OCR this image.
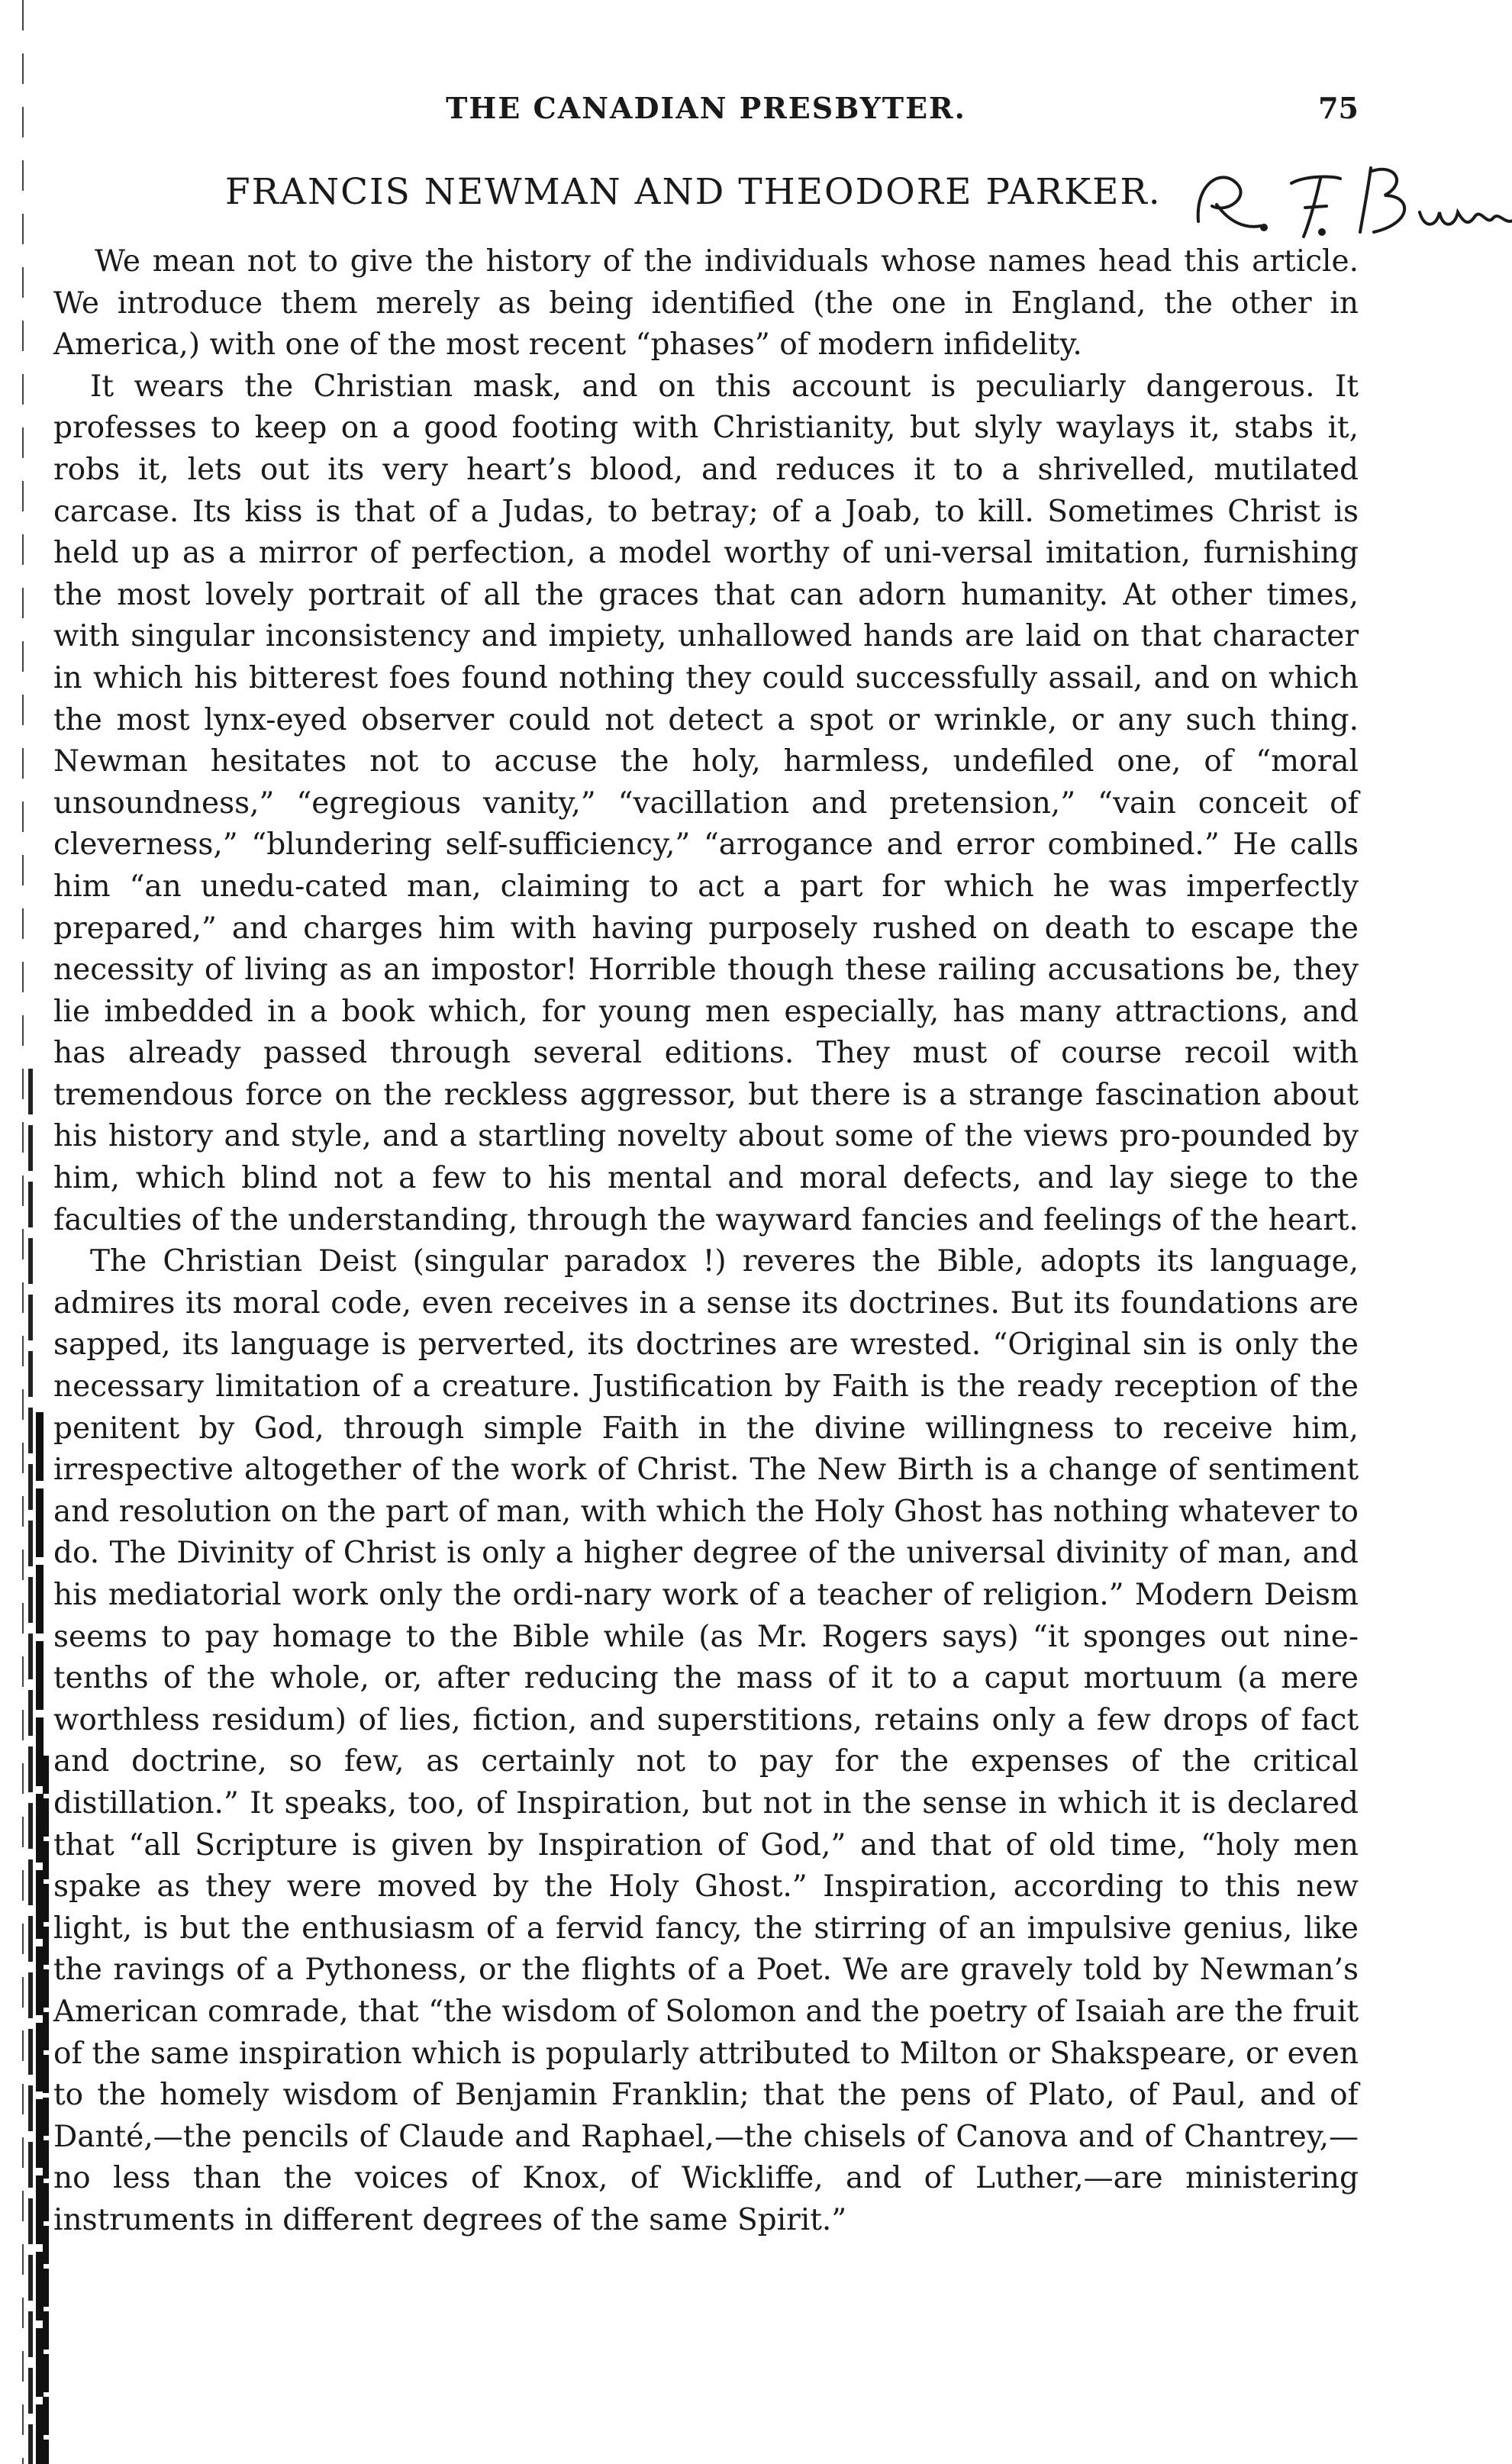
THE CANADIAN PRESBYTER.	75
FRANCIS NEWMAN AND THEODORE PARKER.

We mean not to give the history of the individuals whose names head this article. We introduce them merely as being identified (the one in England, the other in America,) with one of the most recent “phases” of modern infidelity.

It wears the Christian mask, and on this account is peculiarly dangerous. It professes to keep on a good footing with Christianity, but slyly waylays it, stabs it, robs it, lets out its very heart’s blood, and reduces it to a shrivelled, mutilated carcase. Its kiss is that of a Judas, to betray; of a Joab, to kill. Sometimes Christ is held up as a mirror of perfection, a model worthy of uni-versal imitation, furnishing the most lovely portrait of all the graces that can adorn humanity. At other times, with singular inconsistency and impiety, unhallowed hands are laid on that character in which his bitterest foes found nothing they could successfully assail, and on which the most lynx-eyed observer could not detect a spot or wrinkle, or any such thing. Newman hesitates not to accuse the holy, harmless, undefiled one, of “moral unsoundness,” “egregious vanity,” “vacillation and pretension,” “vain conceit of cleverness,” “blundering self-sufficiency,” “arrogance and error combined.” He calls him “an unedu-cated man, claiming to act a part for which he was imperfectly prepared,” and charges him with having purposely rushed on death to escape the necessity of living as an impostor! Horrible though these railing accusations be, they lie imbedded in a book which, for young men especially, has many attractions, and has already passed through several editions. They must of course recoil with tremendous force on the reckless aggressor, but there is a strange fascination about his history and style, and a startling novelty about some of the views pro-pounded by him, which blind not a few to his mental and moral defects, and lay siege to the faculties of the understanding, through the wayward fancies and feelings of the heart.

The Christian Deist (singular paradox !) reveres the Bible, adopts its language, admires its moral code, even receives in a sense its doctrines. But its foundations are sapped, its language is perverted, its doctrines are wrested. “Original sin is only the necessary limitation of a creature. Justification by Faith is the ready reception of the penitent by God, through simple Faith in the divine willingness to receive him, irrespective altogether of the work of Christ. The New Birth is a change of sentiment and resolution on the part of man, with which the Holy Ghost has nothing whatever to do. The Divinity of Christ is only a higher degree of the universal divinity of man, and his mediatorial work only the ordi-nary work of a teacher of religion.” Modern Deism seems to pay homage to the Bible while (as Mr. Rogers says) “it sponges out nine-tenths of the whole, or, after reducing the mass of it to a caput mortuum (a mere worthless residum) of lies, fiction, and superstitions, retains only a few drops of fact and doctrine, so few, as certainly not to pay for the expenses of the critical distillation.” It speaks, too, of Inspiration, but not in the sense in which it is declared that “all Scripture is given by Inspiration of God,” and that of old time, “holy men spake as they were moved by the Holy Ghost.” Inspiration, according to this new light, is but the enthusiasm of a fervid fancy, the stirring of an impulsive genius, like the ravings of a Pythoness, or the flights of a Poet. We are gravely told by Newman’s American comrade, that “the wisdom of Solomon and the poetry of Isaiah are the fruit of the same inspiration which is popularly attributed to Milton or Shakspeare, or even to the homely wisdom of Benjamin Franklin; that the pens of Plato, of Paul, and of Danté,—the pencils of Claude and Raphael,—the chisels of Canova and of Chantrey,—no less than the voices of Knox, of Wickliffe, and of Luther,—are ministering instruments in different degrees of the same Spirit.”
